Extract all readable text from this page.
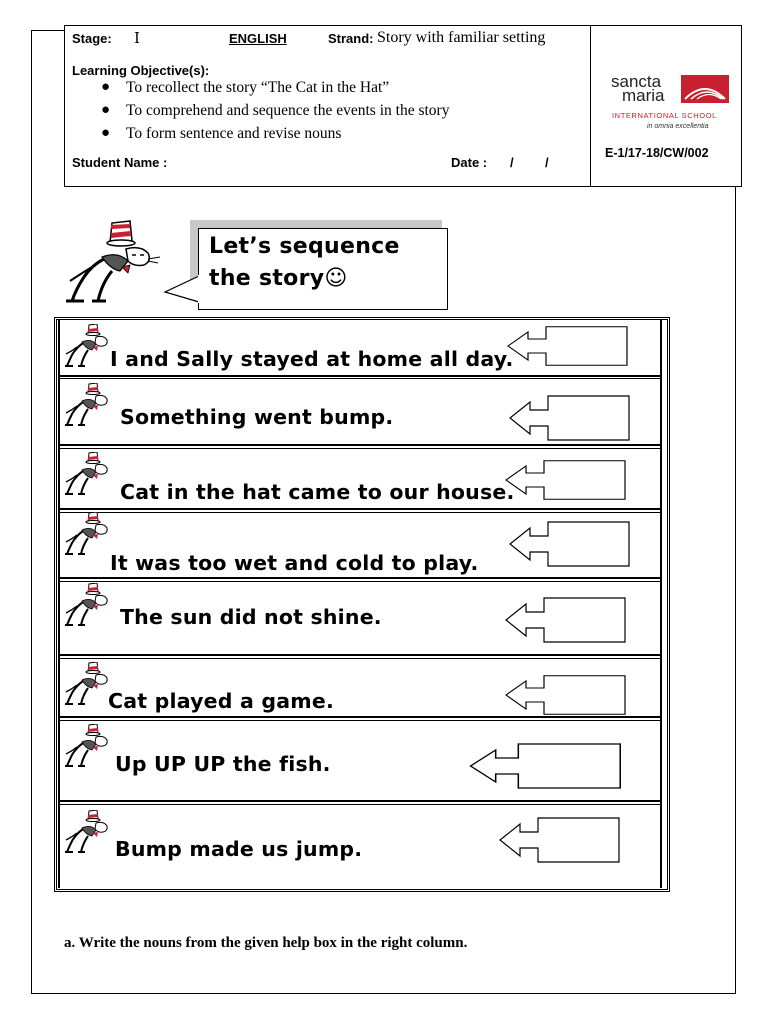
Stage: I	ENGLISH	Strand: Story with familiar setting
Learning Objective(s):
● To recollect the story “The Cat in the Hat”
● To comprehend and sequence the events in the story
● To form sentence and revise nouns
Student Name :	Date : / /
sancta
maria
INTERNATIONAL SCHOOL
in omnia excellentia
E-1/17-18/CW/002
Let’s sequence
the story☺
I and Sally stayed at home all day.
Something went bump.
Cat in the hat came to our house.
It was too wet and cold to play.
The sun did not shine.
Cat played a game.
Up UP UP the fish.
Bump made us jump.
a. Write the nouns from the given help box in the right column.
